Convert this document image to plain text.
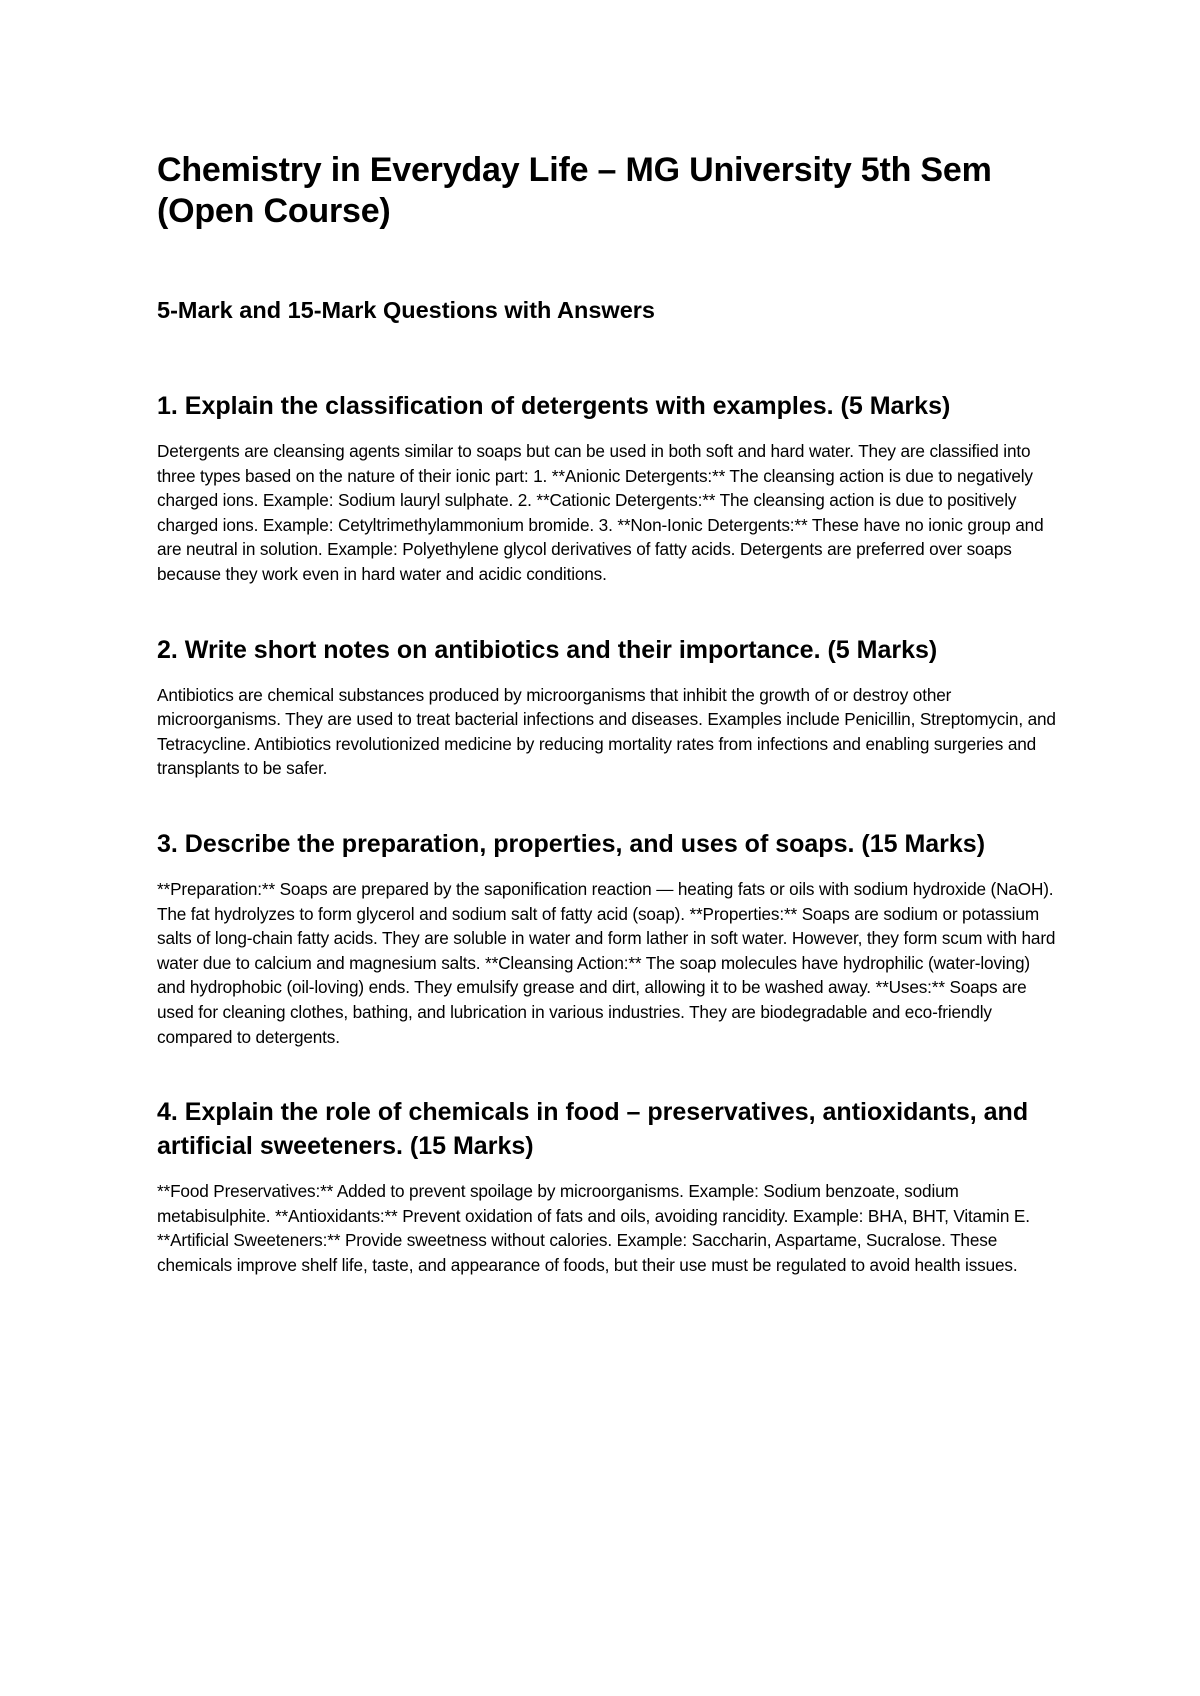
Chemistry in Everyday Life – MG University 5th Sem (Open Course)
5-Mark and 15-Mark Questions with Answers
1. Explain the classification of detergents with examples. (5 Marks)

Detergents are cleansing agents similar to soaps but can be used in both soft and hard water. They are classified into three types based on the nature of their ionic part: 1. **Anionic Detergents:** The cleansing action is due to negatively charged ions. Example: Sodium lauryl sulphate. 2. **Cationic Detergents:** The cleansing action is due to positively charged ions. Example: Cetyltrimethylammonium bromide. 3. **Non-Ionic Detergents:** These have no ionic group and are neutral in solution. Example: Polyethylene glycol derivatives of fatty acids. Detergents are preferred over soaps because they work even in hard water and acidic conditions.

2. Write short notes on antibiotics and their importance. (5 Marks)

Antibiotics are chemical substances produced by microorganisms that inhibit the growth of or destroy other microorganisms. They are used to treat bacterial infections and diseases. Examples include Penicillin, Streptomycin, and Tetracycline. Antibiotics revolutionized medicine by reducing mortality rates from infections and enabling surgeries and transplants to be safer.

3. Describe the preparation, properties, and uses of soaps. (15 Marks)

**Preparation:** Soaps are prepared by the saponification reaction — heating fats or oils with sodium hydroxide (NaOH). The fat hydrolyzes to form glycerol and sodium salt of fatty acid (soap). **Properties:** Soaps are sodium or potassium salts of long-chain fatty acids. They are soluble in water and form lather in soft water. However, they form scum with hard water due to calcium and magnesium salts. **Cleansing Action:** The soap molecules have hydrophilic (water-loving) and hydrophobic (oil-loving) ends. They emulsify grease and dirt, allowing it to be washed away. **Uses:** Soaps are used for cleaning clothes, bathing, and lubrication in various industries. They are biodegradable and eco-friendly compared to detergents.

4. Explain the role of chemicals in food – preservatives, antioxidants, and artificial sweeteners. (15 Marks)

**Food Preservatives:** Added to prevent spoilage by microorganisms. Example: Sodium benzoate, sodium metabisulphite. **Antioxidants:** Prevent oxidation of fats and oils, avoiding rancidity. Example: BHA, BHT, Vitamin E. **Artificial Sweeteners:** Provide sweetness without calories. Example: Saccharin, Aspartame, Sucralose. These chemicals improve shelf life, taste, and appearance of foods, but their use must be regulated to avoid health issues.
